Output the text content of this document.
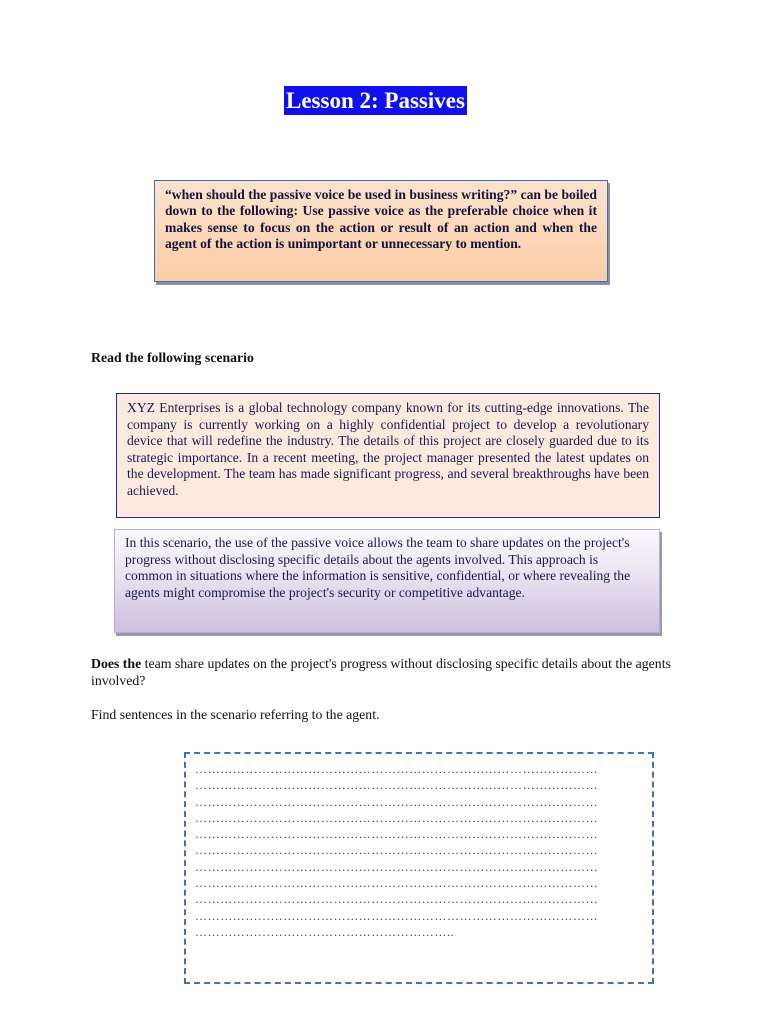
Lesson 2: Passives
“when should the passive voice be used in business writing?” can be boiled down to the following: Use passive voice as the preferable choice when it makes sense to focus on the action or result of an action and when the agent of the action is unimportant or unnecessary to mention.
Read the following scenario
XYZ Enterprises is a global technology company known for its cutting-edge innovations. The company is currently working on a highly confidential project to develop a revolutionary device that will redefine the industry. The details of this project are closely guarded due to its strategic importance. In a recent meeting, the project manager presented the latest updates on the development. The team has made significant progress, and several breakthroughs have been achieved.
In this scenario, the use of the passive voice allows the team to share updates on the project's progress without disclosing specific details about the agents involved. This approach is common in situations where the information is sensitive, confidential, or where revealing the agents might compromise the project's security or competitive advantage.
Does the team share updates on the project's progress without disclosing specific details about the agents involved?
Find sentences in the scenario referring to the agent.
……………………………………………………………………………………
……………………………………………………………………………………
……………………………………………………………………………………
……………………………………………………………………………………
……………………………………………………………………………………
……………………………………………………………………………………
……………………………………………………………………………………
……………………………………………………………………………………
……………………………………………………………………………………
……………………………………………………………………………………
……………………………………………………..
